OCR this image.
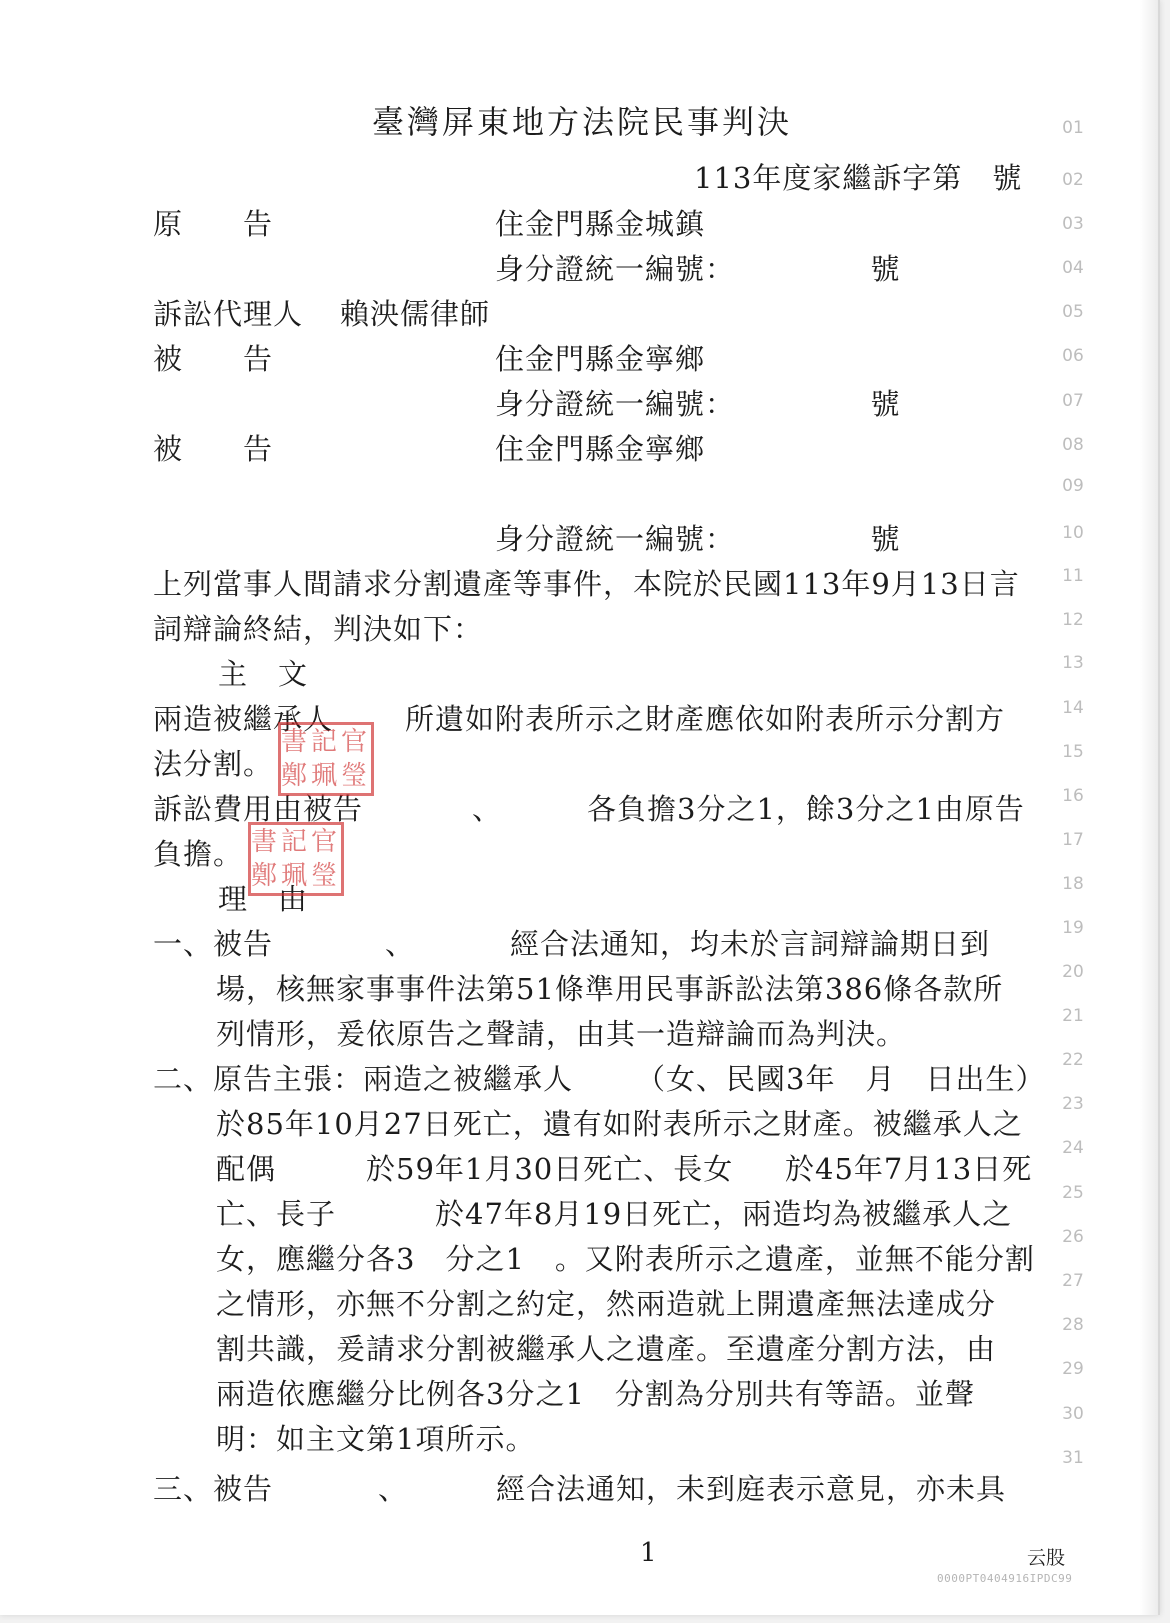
臺灣屏東地方法院民事判決
113年度家繼訴字第　號
原　　告	住金門縣金城鎮
身分證統一編號：　　　　　號
訴訟代理人 賴泱儒律師
被　　告	住金門縣金寧鄉
身分證統一編號：　　　　　號
被　　告	住金門縣金寧鄉
身分證統一編號：　　　　　號
上列當事人間請求分割遺產等事件，本院於民國113年9月13日言
詞辯論終結，判決如下：
主　文
兩造被繼承人 所遺如附表所示之財產應依如附表所示分割方
法分割。
訴訟費用由被告	、	各負擔3分之1，餘3分之1由原告
負擔。
理　由
一、被告	、	經合法通知，均未於言詞辯論期日到
場，核無家事事件法第51條準用民事訴訟法第386條各款所
列情形，爰依原告之聲請，由其一造辯論而為判決。
二、原告主張：兩造之被繼承人 （女、民國3年　月　日出生）
於85年10月27日死亡，遺有如附表所示之財產。被繼承人之
配偶	於59年1月30日死亡、長女 於45年7月13日死
亡、長子	於47年8月19日死亡，兩造均為被繼承人之
女，應繼分各3　分之1　。又附表所示之遺產，並無不能分割
之情形，亦無不分割之約定，然兩造就上開遺產無法達成分
割共識，爰請求分割被繼承人之遺產。至遺產分割方法，由
兩造依應繼分比例各3分之1　分割為分別共有等語。並聲
明：如主文第1項所示。
三、被告	、	經合法通知，未到庭表示意見，亦未具
書記官
鄭珮瑩
書記官
鄭珮瑩
01
02
03
04
05
06
07
08
09
10
11
12
13
14
15
16
17
18
19
20
21
22
23
24
25
26
27
28
29
30
31
1	云股
0000PT0404916IPDC99
